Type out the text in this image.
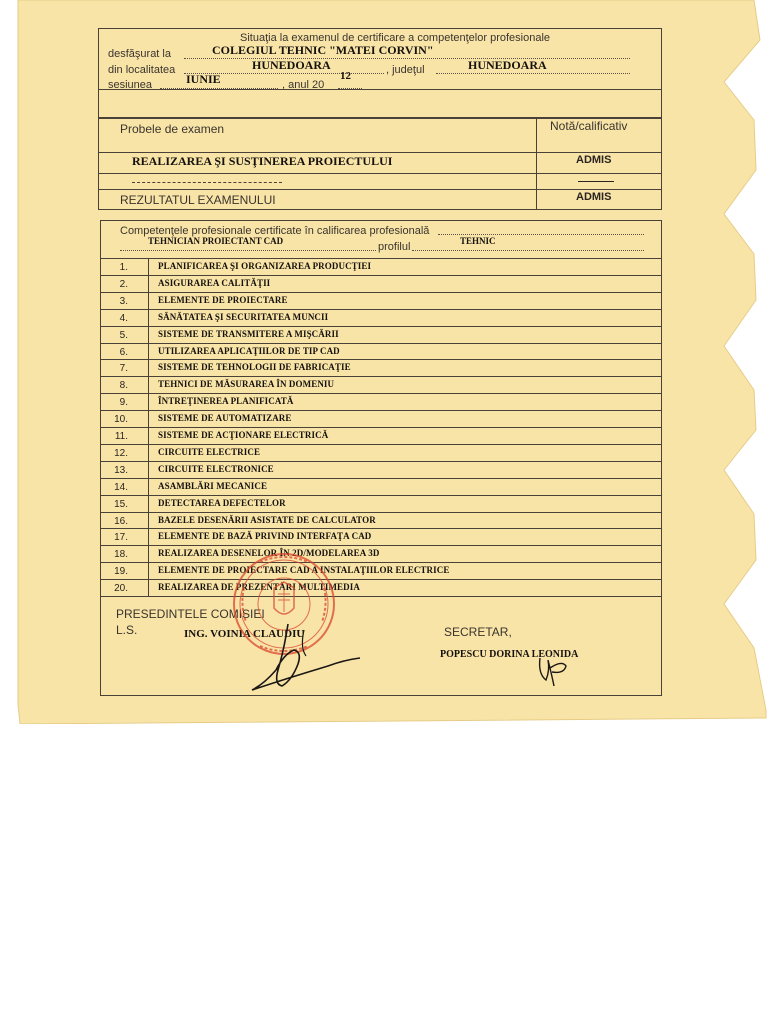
Situaţia la examenul de certificare a competenţelor profesionale
desfăşurat la	COLEGIUL TEHNIC "MATEI CORVIN"
din localitatea	HUNEDOARA	, judeţul	HUNEDOARA
sesiunea	IUNIE	, anul 20
12
Probele de examen	Notă/calificativ
REALIZAREA ŞI SUSŢINEREA PROIECTULUI	ADMIS
REZULTATUL EXAMENULUI	ADMIS
Competenţele profesionale certificate în calificarea profesională
TEHNICIAN PROIECTANT CAD	profilul	TEHNIC
1.	PLANIFICAREA ŞI ORGANIZAREA PRODUCŢIEI
2.	ASIGURAREA CALITĂŢII
3.	ELEMENTE DE PROIECTARE
4.	SĂNĂTATEA ŞI SECURITATEA MUNCII
5.	SISTEME DE TRANSMITERE A MIŞCĂRII
6.	UTILIZAREA APLICAŢIILOR DE TIP CAD
7.	SISTEME DE TEHNOLOGII DE FABRICAŢIE
8.	TEHNICI DE MĂSURAREA ÎN DOMENIU
9.	ÎNTREŢINEREA PLANIFICATĂ
10.	SISTEME DE AUTOMATIZARE
11.	SISTEME DE ACŢIONARE ELECTRICĂ
12.	CIRCUITE ELECTRICE
13.	CIRCUITE ELECTRONICE
14.	ASAMBLĂRI MECANICE
15.	DETECTAREA DEFECTELOR
16.	BAZELE DESENĂRII ASISTATE DE CALCULATOR
17.	ELEMENTE DE BAZĂ PRIVIND INTERFAŢA CAD
18.	REALIZAREA DESENELOR ÎN 2D/MODELAREA 3D
19.	ELEMENTE DE PROIECTARE CAD A INSTALAŢIILOR ELECTRICE
20.	REALIZAREA DE PREZENTĂRI MULTIMEDIA
PRESEDINTELE COMISIEI
L.S.	ING. VOINIA CLAUDIU	SECRETAR,
POPESCU DORINA LEONIDA
